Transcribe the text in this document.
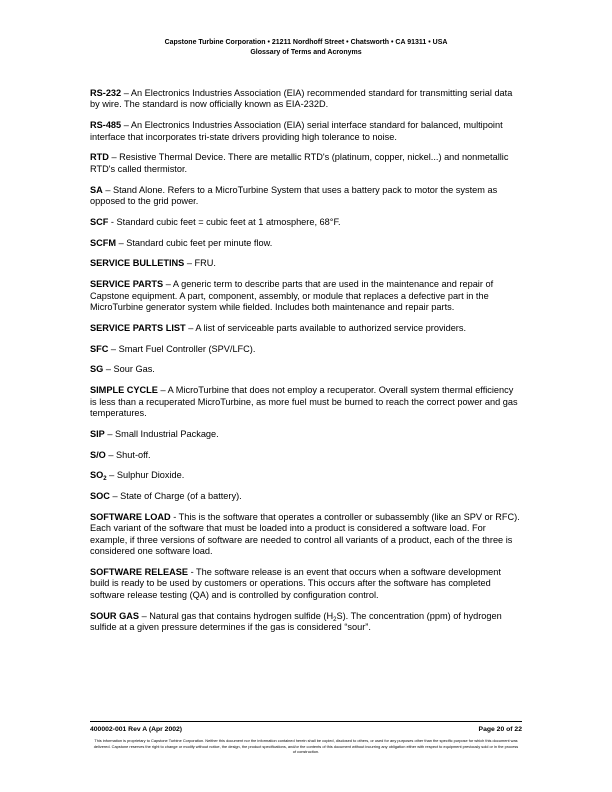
Capstone Turbine Corporation • 21211 Nordhoff Street • Chatsworth • CA 91311 • USA
Glossary of Terms and Acronyms

RS-232 – An Electronics Industries Association (EIA) recommended standard for transmitting serial data by wire. The standard is now officially known as EIA-232D.

RS-485 – An Electronics Industries Association (EIA) serial interface standard for balanced, multipoint interface that incorporates tri-state drivers providing high tolerance to noise.

RTD – Resistive Thermal Device. There are metallic RTD's (platinum, copper, nickel...) and nonmetallic RTD's called thermistor.

SA – Stand Alone. Refers to a MicroTurbine System that uses a battery pack to motor the system as opposed to the grid power.

SCF - Standard cubic feet = cubic feet at 1 atmosphere, 68°F.

SCFM – Standard cubic feet per minute flow.

SERVICE BULLETINS – FRU.

SERVICE PARTS – A generic term to describe parts that are used in the maintenance and repair of Capstone equipment. A part, component, assembly, or module that replaces a defective part in the MicroTurbine generator system while fielded. Includes both maintenance and repair parts.

SERVICE PARTS LIST – A list of serviceable parts available to authorized service providers.

SFC – Smart Fuel Controller (SPV/LFC).

SG – Sour Gas.

SIMPLE CYCLE – A MicroTurbine that does not employ a recuperator. Overall system thermal efficiency is less than a recuperated MicroTurbine, as more fuel must be burned to reach the correct power and gas temperatures.

SIP – Small Industrial Package.

S/O – Shut-off.

$SO_2$ – Sulphur Dioxide.

SOC – State of Charge (of a battery).

SOFTWARE LOAD - This is the software that operates a controller or subassembly (like an SPV or RFC). Each variant of the software that must be loaded into a product is considered a software load. For example, if three versions of software are needed to control all variants of a product, each of the three is considered one software load.

SOFTWARE RELEASE - The software release is an event that occurs when a software development build is ready to be used by customers or operations. This occurs after the software has completed software release testing (QA) and is controlled by configuration control.

SOUR GAS – Natural gas that contains hydrogen sulfide $(H_2S)$. The concentration (ppm) of hydrogen sulfide at a given pressure determines if the gas is considered “sour”.

400002-001 Rev A (Apr 2002)	Page 20 of 22
This information is proprietary to Capstone Turbine Corporation. Neither this document nor the information contained herein shall be copied, disclosed to others, or used for any purposes other than the specific purpose for which this document was delivered. Capstone reserves the right to change or modify without notice, the design, the product specifications, and/or the contents of this document without incurring any obligation either with respect to equipment previously sold or in the process of construction.
